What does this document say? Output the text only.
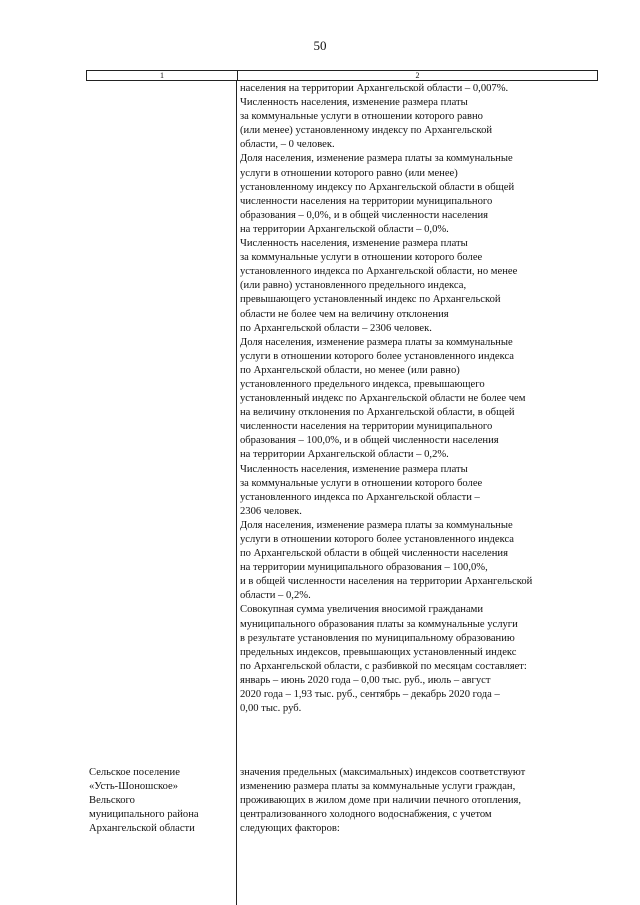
50
1	2
населения на территории Архангельской области – 0,007%.
Численность населения, изменение размера платы
за коммунальные услуги в отношении которого равно
(или менее) установленному индексу по Архангельской
области, – 0 человек.
Доля населения, изменение размера платы за коммунальные
услуги в отношении которого равно (или менее)
установленному индексу по Архангельской области в общей
численности населения на территории муниципального
образования – 0,0%, и в общей численности населения
на территории Архангельской области – 0,0%.
Численность населения, изменение размера платы
за коммунальные услуги в отношении которого более
установленного индекса по Архангельской области, но менее
(или равно) установленного предельного индекса,
превышающего установленный индекс по Архангельской
области не более чем на величину отклонения
по Архангельской области – 2306 человек.
Доля населения, изменение размера платы за коммунальные
услуги в отношении которого более установленного индекса
по Архангельской области, но менее (или равно)
установленного предельного индекса, превышающего
установленный индекс по Архангельской области не более чем
на величину отклонения по Архангельской области, в общей
численности населения на территории муниципального
образования – 100,0%, и в общей численности населения
на территории Архангельской области – 0,2%.
Численность населения, изменение размера платы
за коммунальные услуги в отношении которого более
установленного индекса по Архангельской области –
2306 человек.
Доля населения, изменение размера платы за коммунальные
услуги в отношении которого более установленного индекса
по Архангельской области в общей численности населения
на территории муниципального образования – 100,0%,
и в общей численности населения на территории Архангельской
области – 0,2%.
Совокупная сумма увеличения вносимой гражданами
муниципального образования платы за коммунальные услуги
в результате установления по муниципальному образованию
предельных индексов, превышающих установленный индекс
по Архангельской области, с разбивкой по месяцам составляет:
январь – июнь 2020 года – 0,00 тыс. руб., июль – август
2020 года – 1,93 тыс. руб., сентябрь – декабрь 2020 года –
0,00 тыс. руб.
Сельское поселение
«Усть-Шоношское»
Вельского
муниципального района
Архангельской области
значения предельных (максимальных) индексов соответствуют
изменению размера платы за коммунальные услуги граждан,
проживающих в жилом доме при наличии печного отопления,
централизованного холодного водоснабжения, с учетом
следующих факторов:
